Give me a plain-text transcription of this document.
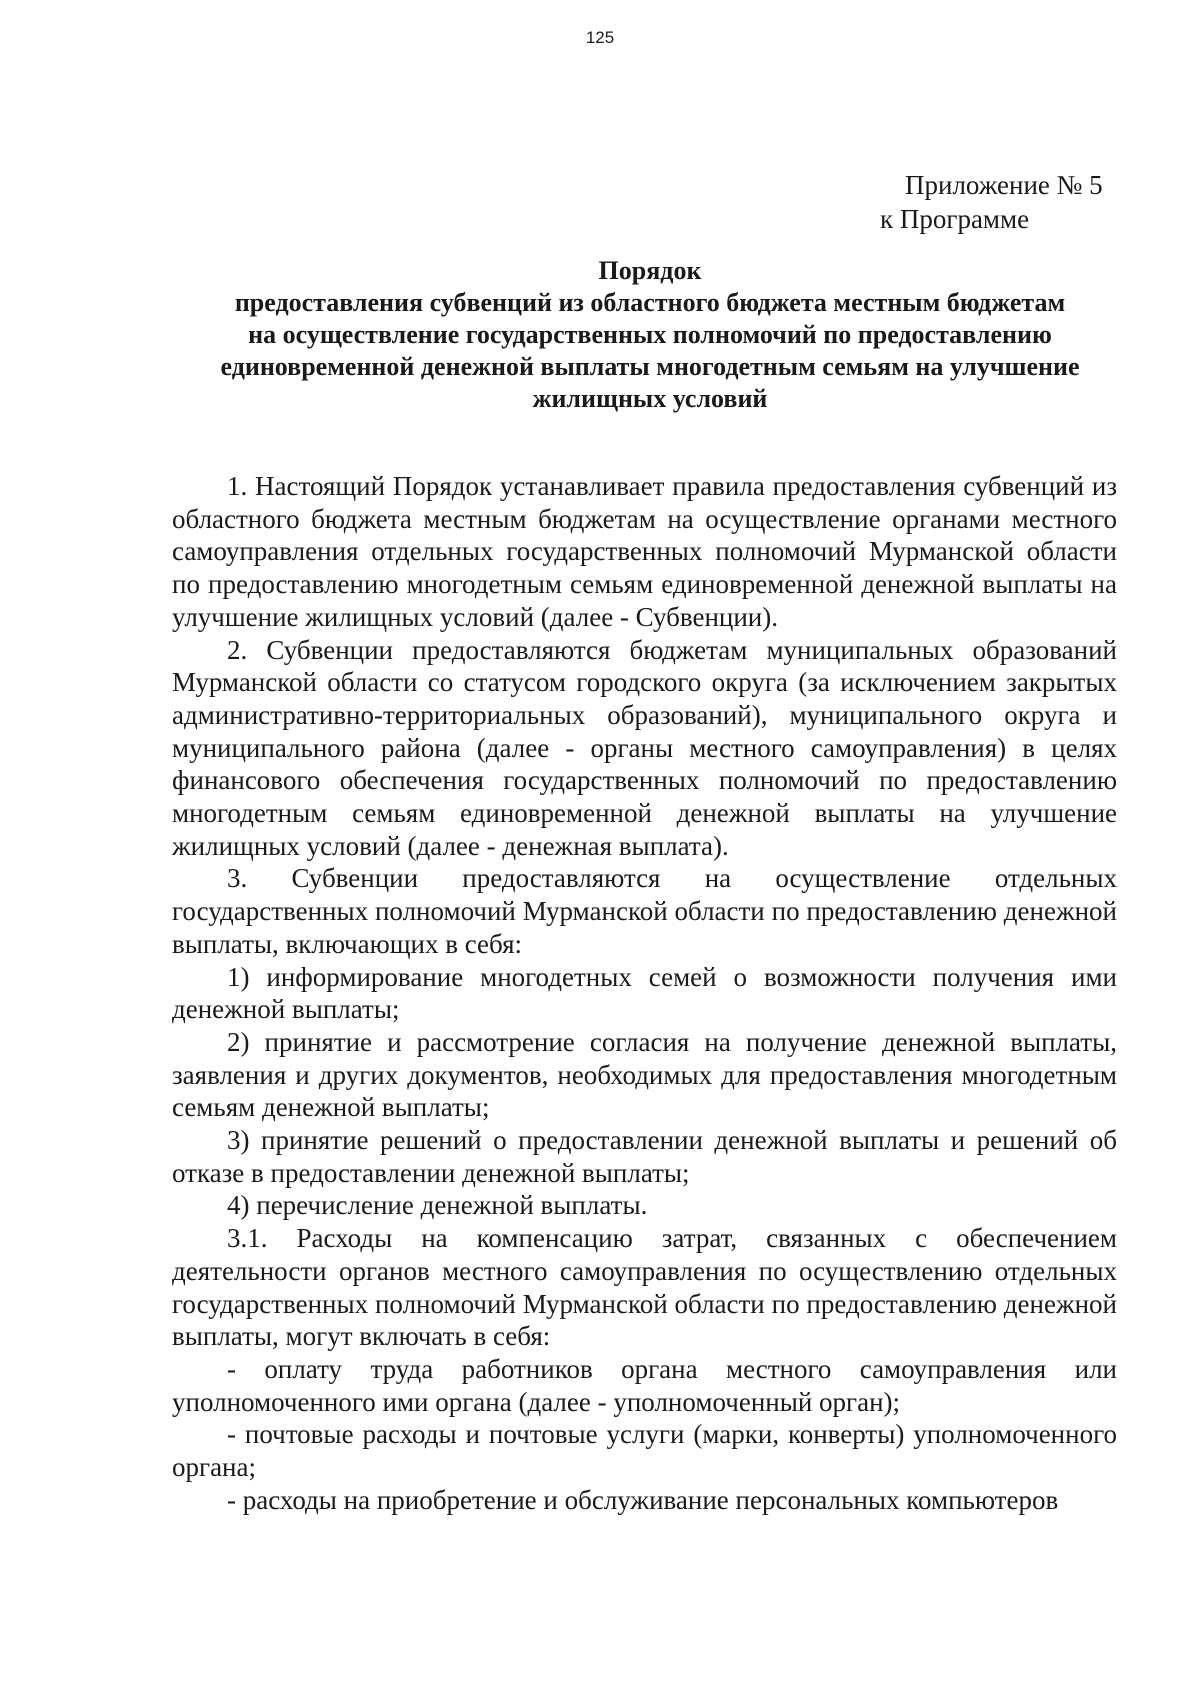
125
Приложение № 5
к Программе
Порядок
предоставления субвенций из областного бюджета местным бюджетам
на осуществление государственных полномочий по предоставлению
единовременной денежной выплаты многодетным семьям на улучшение
жилищных условий

1. Настоящий Порядок устанавливает правила предоставления субвенций из областного бюджета местным бюджетам на осуществление органами местного самоуправления отдельных государственных полномочий Мурманской области по предоставлению многодетным семьям единовременной денежной выплаты на улучшение жилищных условий (далее - Субвенции).

2. Субвенции предоставляются бюджетам муниципальных образований Мурманской области со статусом городского округа (за исключением закрытых административно-территориальных образований), муниципального округа и муниципального района (далее - органы местного самоуправления) в целях финансового обеспечения государственных полномочий по предоставлению многодетным семьям единовременной денежной выплаты на улучшение жилищных условий (далее - денежная выплата).

3. Субвенции предоставляются на осуществление отдельных государственных полномочий Мурманской области по предоставлению денежной выплаты, включающих в себя:

1) информирование многодетных семей о возможности получения ими денежной выплаты;

2) принятие и рассмотрение согласия на получение денежной выплаты, заявления и других документов, необходимых для предоставления многодетным семьям денежной выплаты;

3) принятие решений о предоставлении денежной выплаты и решений об отказе в предоставлении денежной выплаты;

4) перечисление денежной выплаты.

3.1. Расходы на компенсацию затрат, связанных с обеспечением деятельности органов местного самоуправления по осуществлению отдельных государственных полномочий Мурманской области по предоставлению денежной выплаты, могут включать в себя:

- оплату труда работников органа местного самоуправления или уполномоченного ими органа (далее - уполномоченный орган);

- почтовые расходы и почтовые услуги (марки, конверты) уполномоченного органа;

- расходы на приобретение и обслуживание персональных компьютеров
